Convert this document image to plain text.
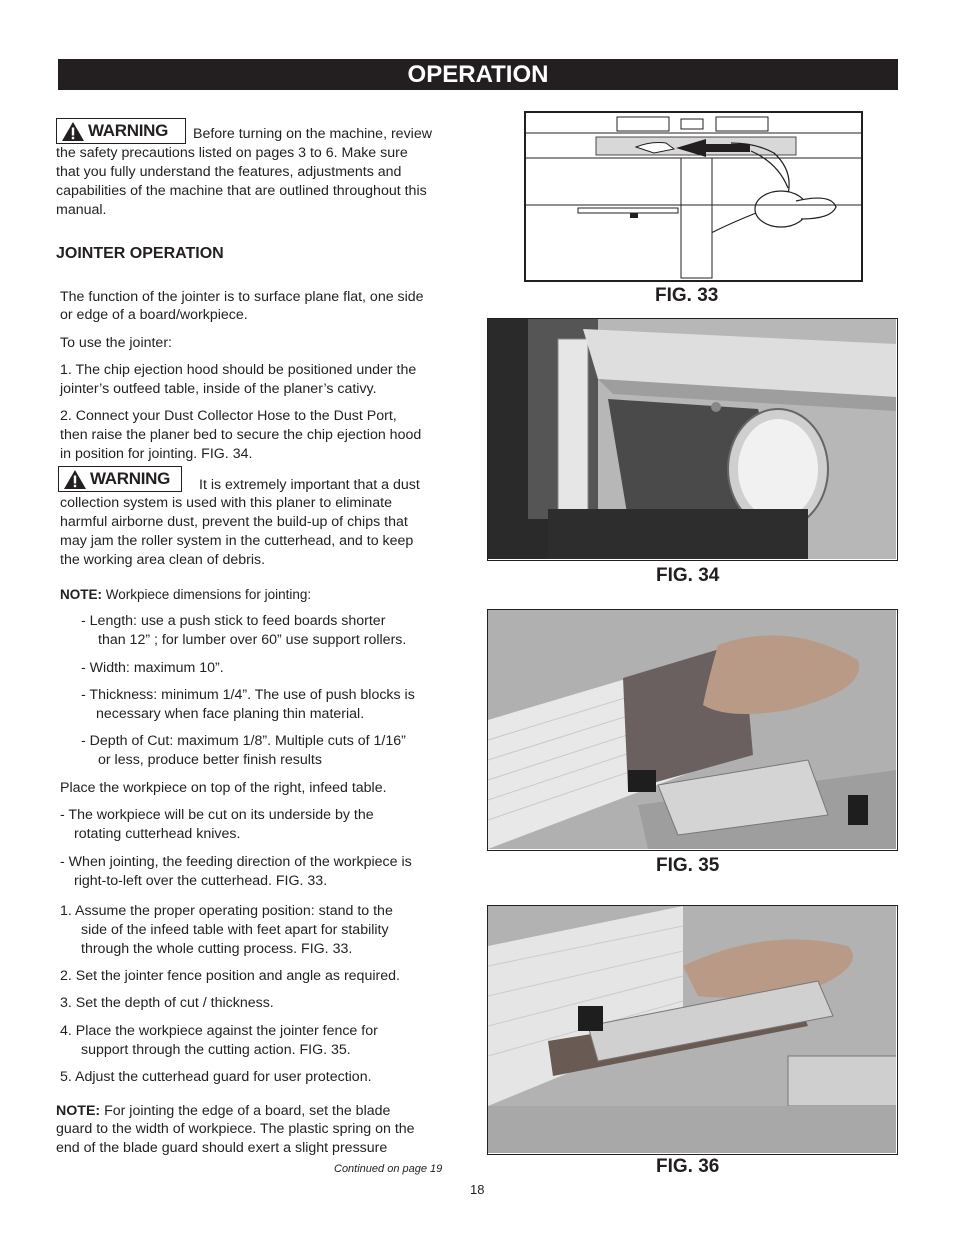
OPERATION
WARNING Before turning on the machine, review
the safety precautions listed on pages 3 to 6. Make sure
that you fully understand the features, adjustments and
capabilities of the machine that are outlined throughout this
manual.
JOINTER OPERATION
The function of the jointer is to surface plane flat, one side
or edge of a board/workpiece.
To use the jointer:
1. The chip ejection hood should be positioned under the
jointer’s outfeed table, inside of the planer’s cativy.
2. Connect your Dust Collector Hose to the Dust Port,
then raise the planer bed to secure the chip ejection hood
in position for jointing. FIG. 34.
WARNING It is extremely important that a dust
collection system is used with this planer to eliminate
harmful airborne dust, prevent the build-up of chips that
may jam the roller system in the cutterhead, and to keep
the working area clean of debris.
NOTE: Workpiece dimensions for jointing:
- Length: use a push stick to feed boards shorter
than 12” ; for lumber over 60” use support rollers.
- Width: maximum 10”.
- Thickness: minimum 1/4”. The use of push blocks is
necessary when face planing thin material.
- Depth of Cut: maximum 1/8”. Multiple cuts of 1/16”
or less, produce better finish results
Place the workpiece on top of the right, infeed table.
- The workpiece will be cut on its underside by the
rotating cutterhead knives.
- When jointing, the feeding direction of the workpiece is
right-to-left over the cutterhead. FIG. 33.
1. Assume the proper operating position: stand to the
side of the infeed table with feet apart for stability
through the whole cutting process. FIG. 33.
2. Set the jointer fence position and angle as required.
3. Set the depth of cut / thickness.
4. Place the workpiece against the jointer fence for
support through the cutting action. FIG. 35.
5. Adjust the cutterhead guard for user protection.
NOTE: For jointing the edge of a board, set the blade
guard to the width of workpiece. The plastic spring on the
end of the blade guard should exert a slight pressure
Continued on page 19
18
FIG. 33
FIG. 34
FIG. 35
FIG. 36
